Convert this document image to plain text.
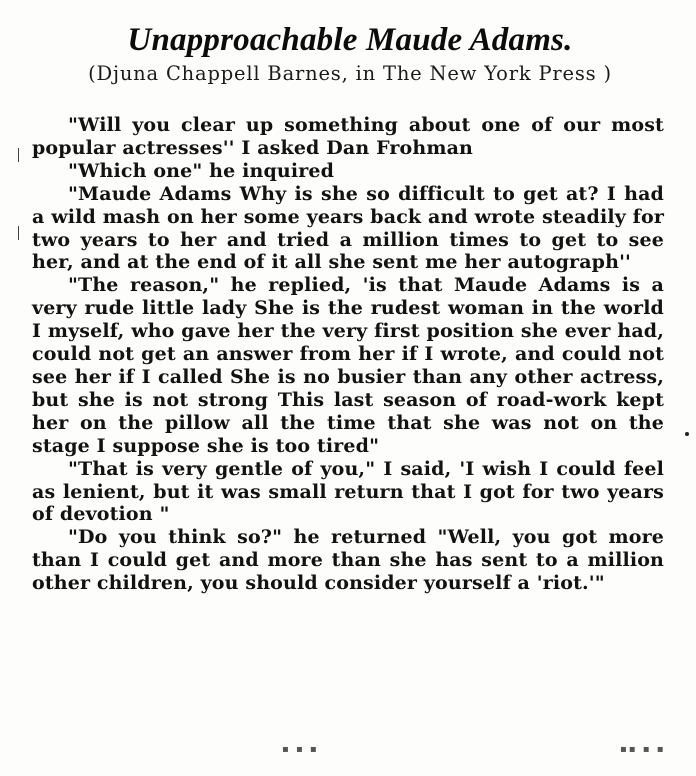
Unapproachable Maude Adams.
(Djuna Chappell Barnes, in The New York Press )

"Will you clear up something about one of our most popular actresses'' I asked Dan Frohman

"Which one" he inquired

"Maude Adams Why is she so difficult to get at? I had a wild mash on her some years back and wrote steadily for two years to her and tried a million times to get to see her, and at the end of it all she sent me her autograph''

"The reason," he replied, 'is that Maude Adams is a very rude little lady She is the rudest woman in the world I myself, who gave her the very first position she ever had, could not get an answer from her if I wrote, and could not see her if I called She is no busier than any other actress, but she is not strong This last season of road-work kept her on the pillow all the time that she was not on the stage I suppose she is too tired"

"That is very gentle of you," I said, 'I wish I could feel as lenient, but it was small return that I got for two years of devotion "

"Do you think so?" he returned "Well, you got more than I could get and more than she has sent to a million other children, you should consider yourself a 'riot.'"

▪ ▪ ▪	▪▪ ▪ ▪
